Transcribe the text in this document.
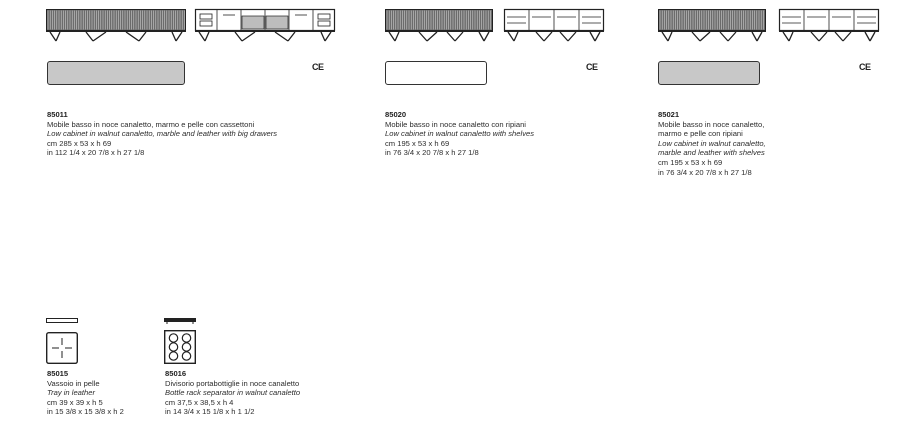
CE
85011
Mobile basso in noce canaletto, marmo e pelle con cassettoni
Low cabinet in walnut canaletto, marble and leather with big drawers
cm 285 x 53 x h 69
in 112 1/4 x 20 7/8 x h 27 1/8
CE
85020
Mobile basso in noce canaletto con ripiani
Low cabinet in walnut canaletto with shelves
cm 195 x 53 x h 69
in 76 3/4 x 20 7/8 x h 27 1/8
CE
85021
Mobile basso in noce canaletto,
marmo e pelle con ripiani
Low cabinet in walnut canaletto,
marble and leather with shelves
cm 195 x 53 x h 69
in 76 3/4 x 20 7/8 x h 27 1/8
85015
Vassoio in pelle
Tray in leather
cm 39 x 39 x h 5
in 15 3/8 x 15 3/8 x h 2
85016
Divisorio portabottiglie in noce canaletto
Bottle rack separator in walnut canaletto
cm 37,5 x 38,5 x h 4
in 14 3/4 x 15 1/8 x h 1 1/2
